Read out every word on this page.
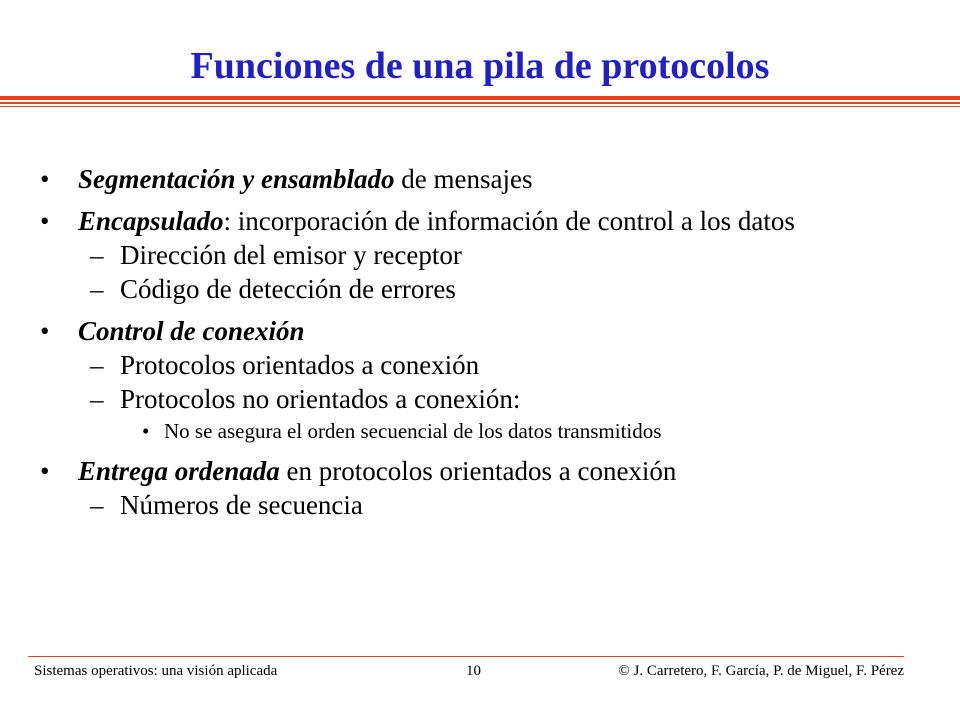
Funciones de una pila de protocolos
• Segmentación y ensamblado de mensajes
• Encapsulado: incorporación de información de control a los datos
– Dirección del emisor y receptor
– Código de detección de errores
• Control de conexión
– Protocolos orientados a conexión
– Protocolos no orientados a conexión:
• No se asegura el orden secuencial de los datos transmitidos
• Entrega ordenada en protocolos orientados a conexión
– Números de secuencia
Sistemas operativos: una visión aplicada	10	© J. Carretero, F. García, P. de Miguel, F. Pérez
